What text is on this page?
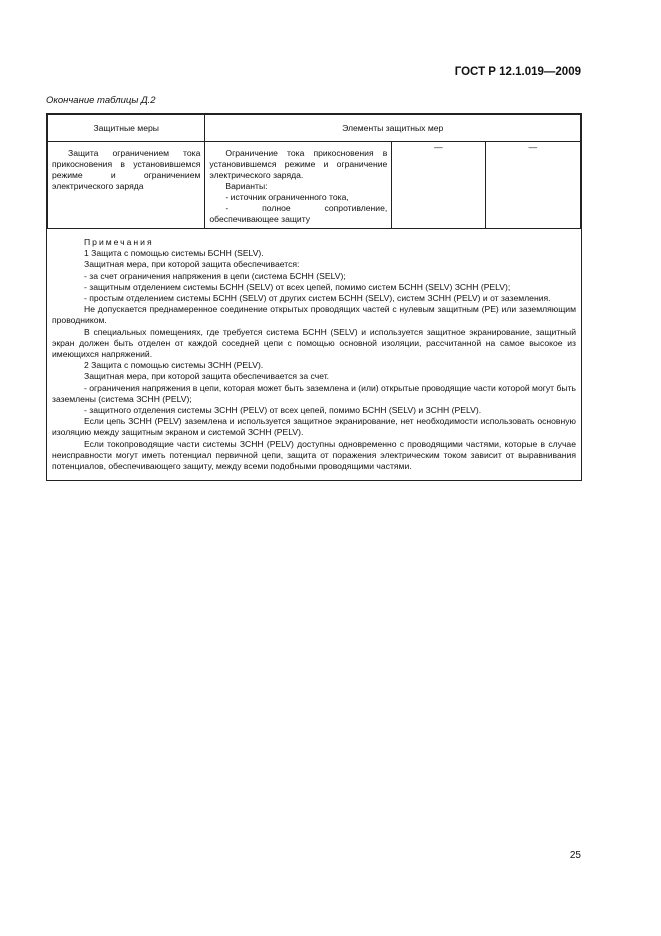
ГОСТ Р 12.1.019—2009
Окончание таблицы Д.2
Защитные меры	Элементы защитных мер		

Защита ограничением тока прикосновения в установившемся режиме и ограничением электрического заряда	Ограничение тока прикосновения в установившемся режиме и ограничение электрического заряда.
Варианты:
- источник ограниченного тока,
- полное сопротивление, обеспечивающее защиту	—	—

Примечания

1 Защита с помощью системы БСНН (SELV).

Защитная мера, при которой защита обеспечивается:

- за счет ограничения напряжения в цепи (система БСНН (SELV);

- защитным отделением системы БСНН (SELV) от всех цепей, помимо систем БСНН (SELV) ЗСНН (PELV);

- простым отделением системы БСНН (SELV) от других систем БСНН (SELV), систем ЗСНН (PELV) и от заземления.

Не допускается преднамеренное соединение открытых проводящих частей с нулевым защитным (PE) или заземляющим проводником.

В специальных помещениях, где требуется система БСНН (SELV) и используется защитное экранирование, защитный экран должен быть отделен от каждой соседней цепи с помощью основной изоляции, рассчитанной на самое высокое из имеющихся напряжений.

2 Защита с помощью системы ЗСНН (PELV).

Защитная мера, при которой защита обеспечивается за счет.

- ограничения напряжения в цепи, которая может быть заземлена и (или) открытые проводящие части которой могут быть заземлены (система ЗСНН (PELV);

- защитного отделения системы ЗСНН (PELV) от всех цепей, помимо БСНН (SELV) и ЗСНН (PELV).

Если цепь ЗСНН (PELV) заземлена и используется защитное экранирование, нет необходимости использовать основную изоляцию между защитным экраном и системой ЗСНН (PELV).

Если токопроводящие части системы ЗСНН (PELV) доступны одновременно с проводящими частями, которые в случае неисправности могут иметь потенциал первичной цепи, защита от поражения электрическим током зависит от выравнивания потенциалов, обеспечивающего защиту, между всеми подобными проводящими частями.

25
